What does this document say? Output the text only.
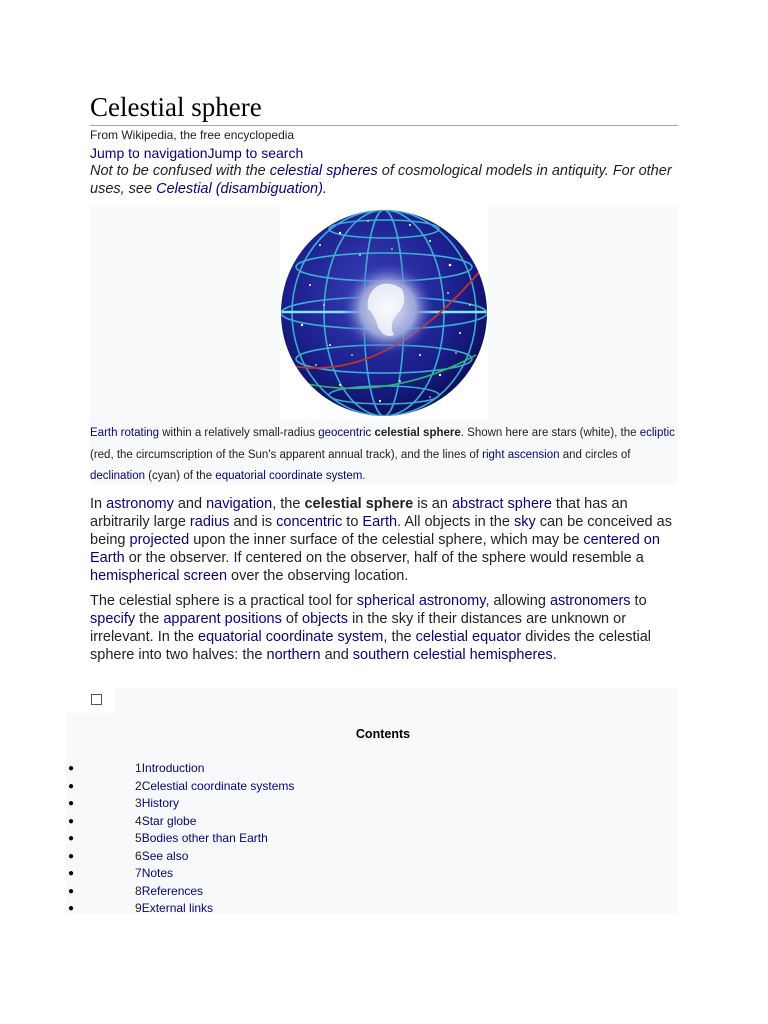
Celestial sphere
From Wikipedia, the free encyclopedia
Jump to navigationJump to search
Not to be confused with the celestial spheres of cosmological models in antiquity. For other uses, see Celestial (disambiguation).
Earth rotating within a relatively small-radius geocentric celestial sphere. Shown here are stars (white), the ecliptic (red, the circumscription of the Sun's apparent annual track), and the lines of right ascension and circles of declination (cyan) of the equatorial coordinate system.

In astronomy and navigation, the celestial sphere is an abstract sphere that has an arbitrarily large radius and is concentric to Earth. All objects in the sky can be conceived as being projected upon the inner surface of the celestial sphere, which may be centered on Earth or the observer. If centered on the observer, half of the sphere would resemble a hemispherical screen over the observing location.

The celestial sphere is a practical tool for spherical astronomy, allowing astronomers to specify the apparent positions of objects in the sky if their distances are unknown or irrelevant. In the equatorial coordinate system, the celestial equator divides the celestial sphere into two halves: the northern and southern celestial hemispheres.

Contents
●	1Introduction
●	2Celestial coordinate systems
●	3History
●	4Star globe
●	5Bodies other than Earth
●	6See also
●	7Notes
●	8References
●	9External links
